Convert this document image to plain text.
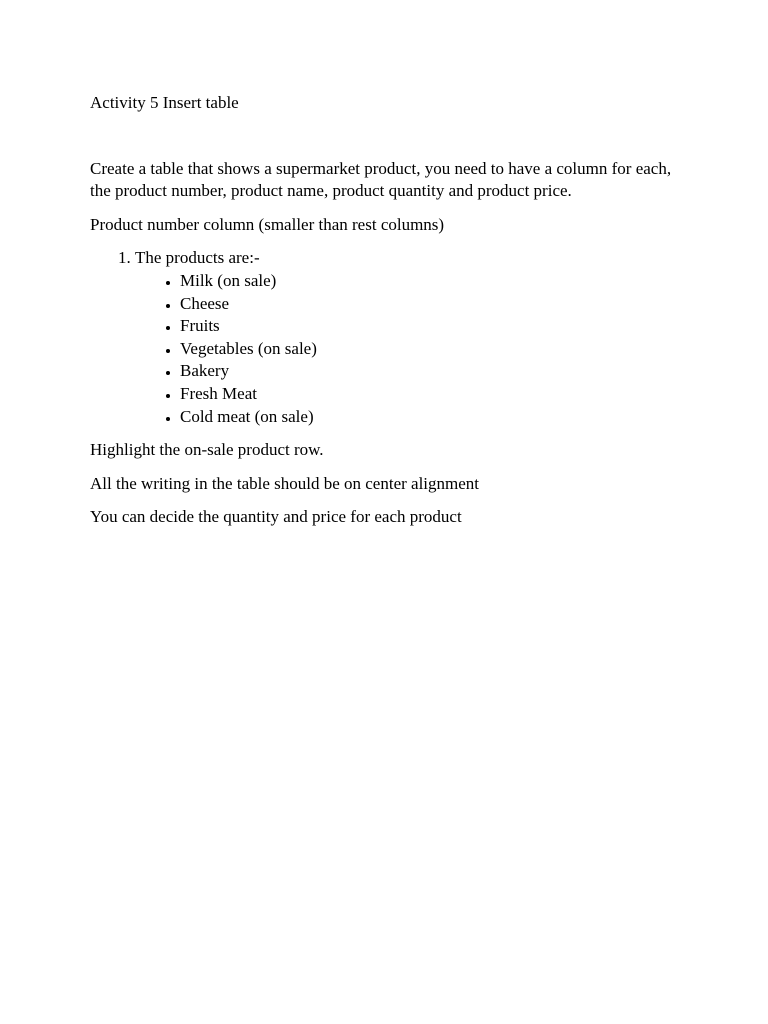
Activity 5 Insert table

Create a table that shows a supermarket product, you need to have a column for each, the product number, product name, product quantity and product price.

Product number column (smaller than rest columns)

1. The products are:-
• Milk (on sale)
• Cheese
• Fruits
• Vegetables (on sale)
• Bakery
• Fresh Meat
• Cold meat (on sale)

Highlight the on-sale product row.

All the writing in the table should be on center alignment

You can decide the quantity and price for each product
